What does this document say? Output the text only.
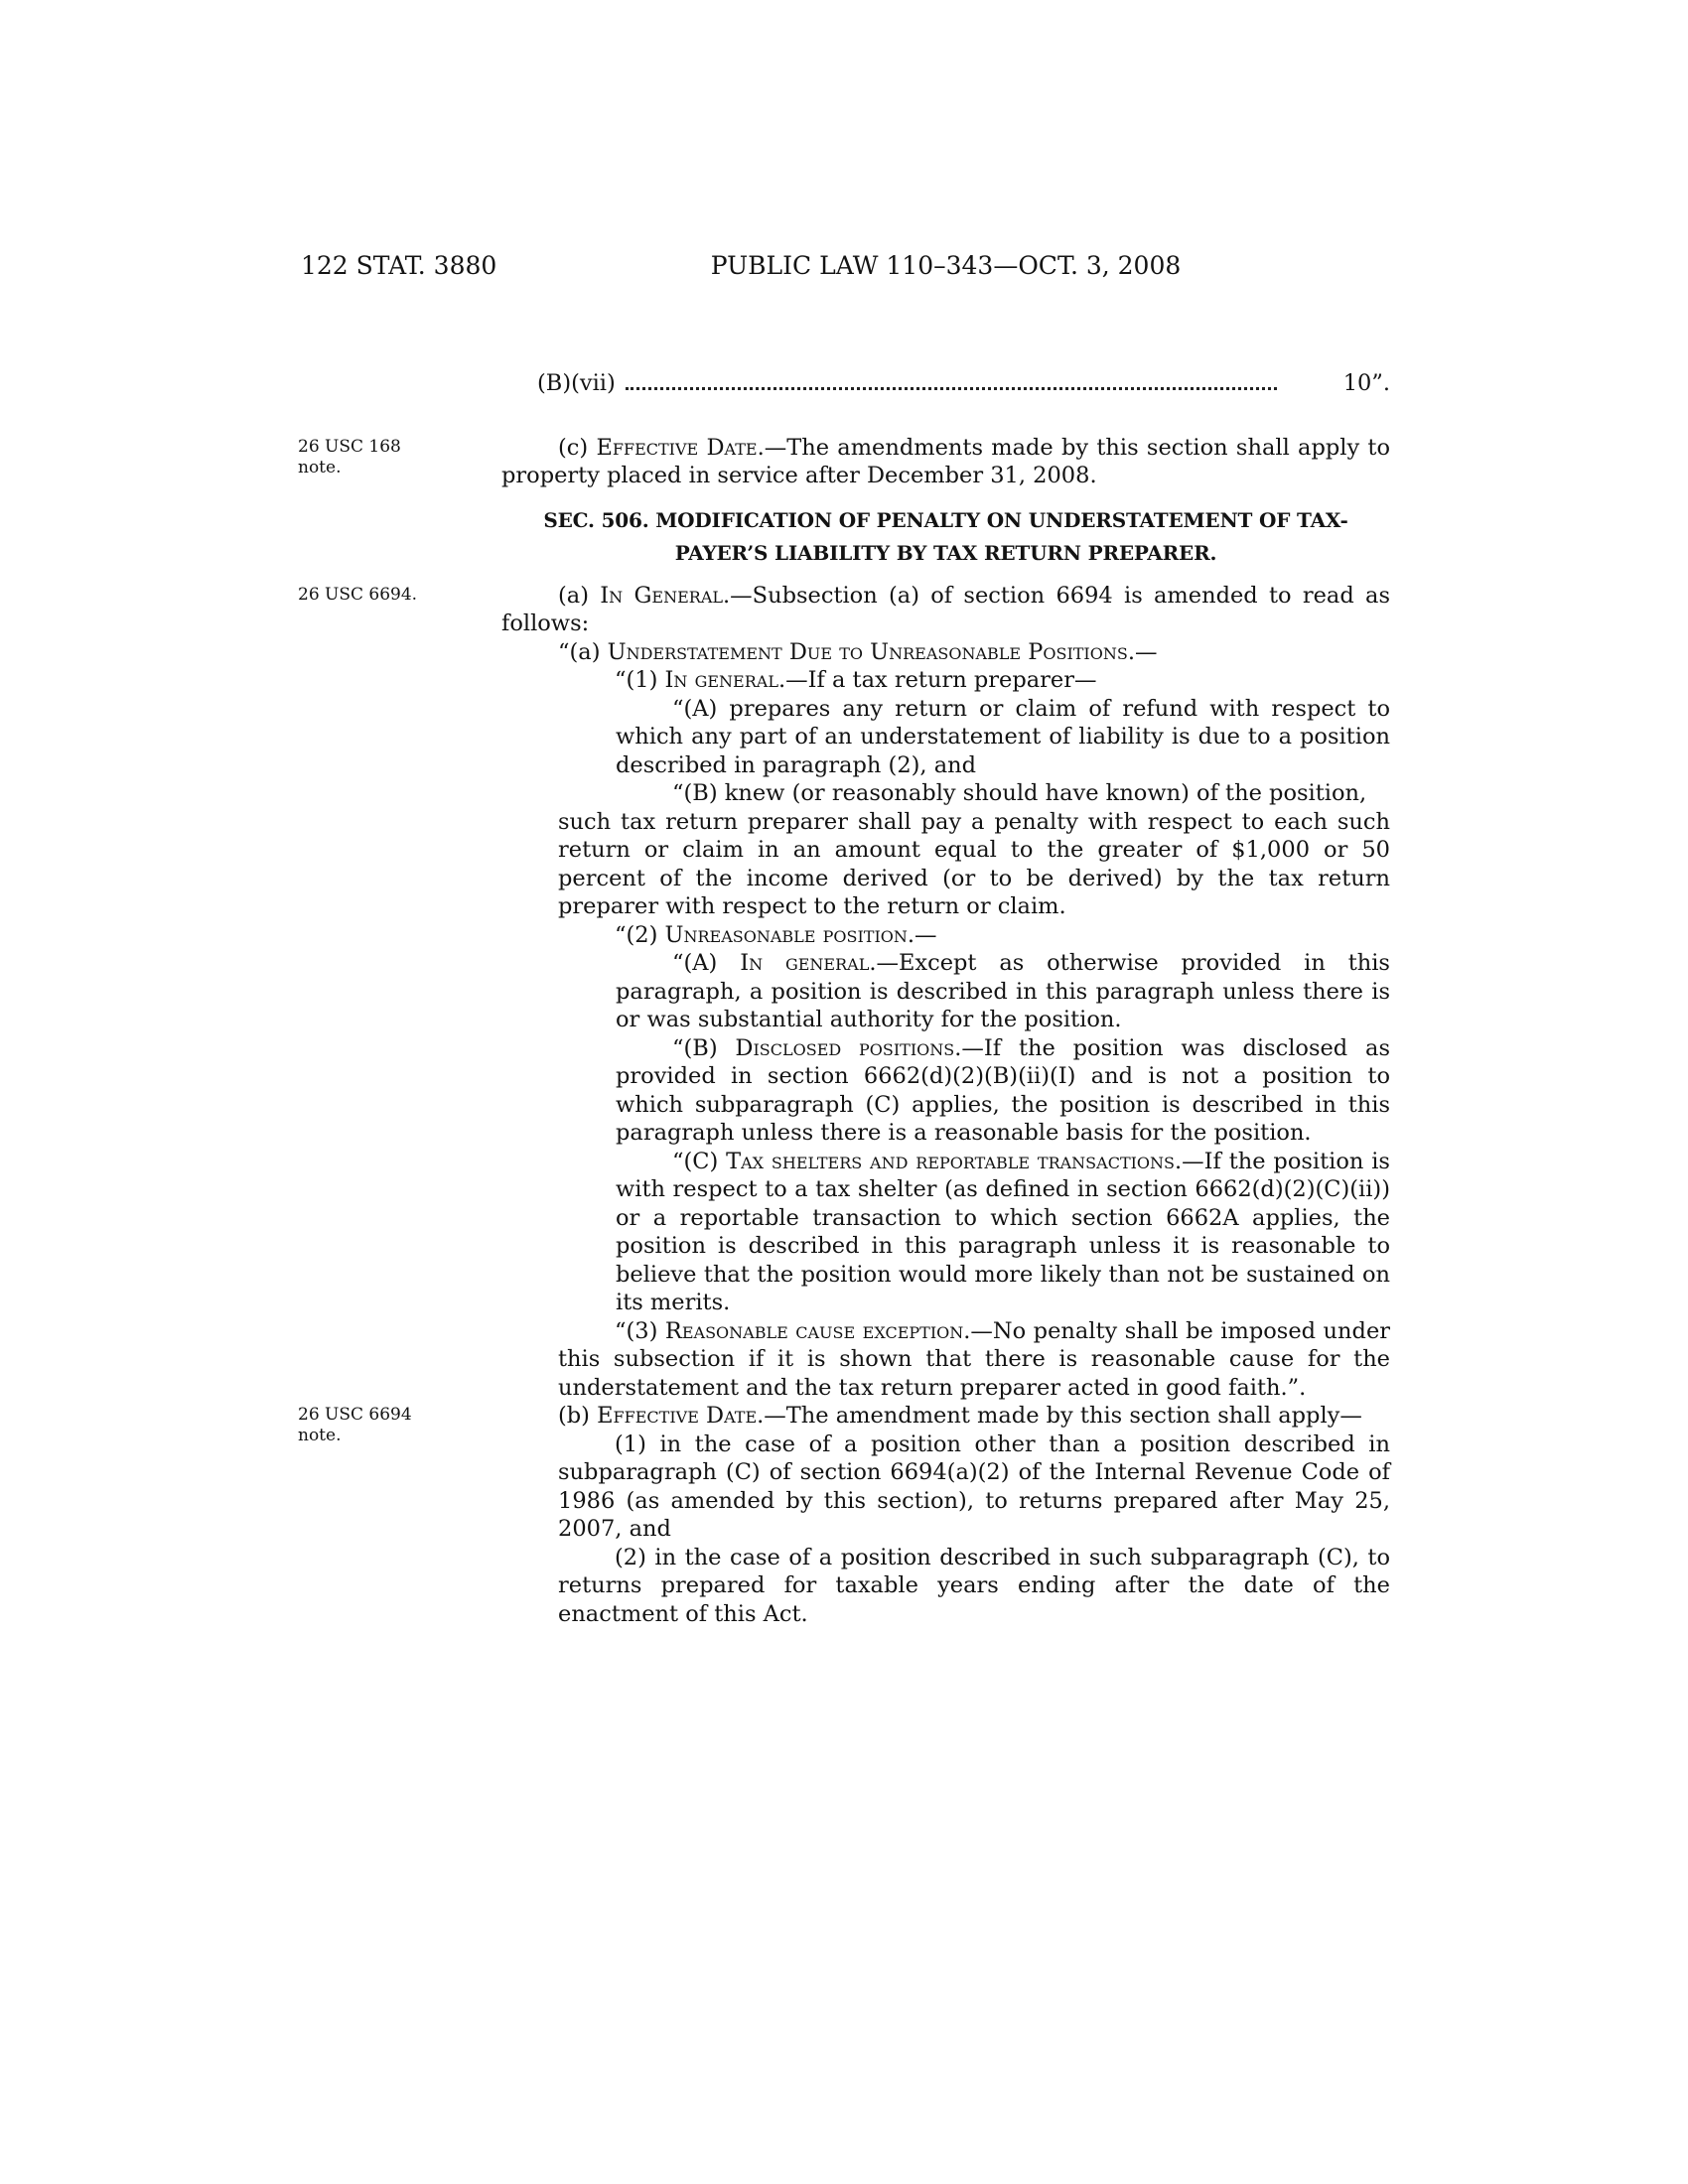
122 STAT. 3880	PUBLIC LAW 110–343—OCT. 3, 2008
(B)(vii)	10”.
26 USC 168 note.
(c) Effective Date.—The amendments made by this section shall apply to property placed in service after December 31, 2008.
SEC. 506. MODIFICATION OF PENALTY ON UNDERSTATEMENT OF TAX-
PAYER’S LIABILITY BY TAX RETURN PREPARER.
26 USC 6694.	(a) In General.—Subsection (a) of section 6694 is amended to read as follows:
“(a) Understatement Due to Unreasonable Positions.—
“(1) In general.—If a tax return preparer—
“(A) prepares any return or claim of refund with respect to which any part of an understatement of liability is due to a position described in paragraph (2), and
“(B) knew (or reasonably should have known) of the position,
such tax return preparer shall pay a penalty with respect to each such return or claim in an amount equal to the greater of $1,000 or 50 percent of the income derived (or to be derived) by the tax return preparer with respect to the return or claim.
“(2) Unreasonable position.—
“(A) In general.—Except as otherwise provided in this paragraph, a position is described in this paragraph unless there is or was substantial authority for the position.
“(B) Disclosed positions.—If the position was disclosed as provided in section 6662(d)(2)(B)(ii)(I) and is not a position to which subparagraph (C) applies, the position is described in this paragraph unless there is a reasonable basis for the position.
“(C) Tax shelters and reportable transactions.—If the position is with respect to a tax shelter (as defined in section 6662(d)(2)(C)(ii)) or a reportable transaction to which section 6662A applies, the position is described in this paragraph unless it is reasonable to believe that the position would more likely than not be sustained on its merits.
“(3) Reasonable cause exception.—No penalty shall be imposed under this subsection if it is shown that there is reasonable cause for the understatement and the tax return preparer acted in good faith.”.
26 USC 6694 note.
(b) Effective Date.—The amendment made by this section shall apply—
(1) in the case of a position other than a position described in subparagraph (C) of section 6694(a)(2) of the Internal Revenue Code of 1986 (as amended by this section), to returns prepared after May 25, 2007, and
(2) in the case of a position described in such subparagraph (C), to returns prepared for taxable years ending after the date of the enactment of this Act.
